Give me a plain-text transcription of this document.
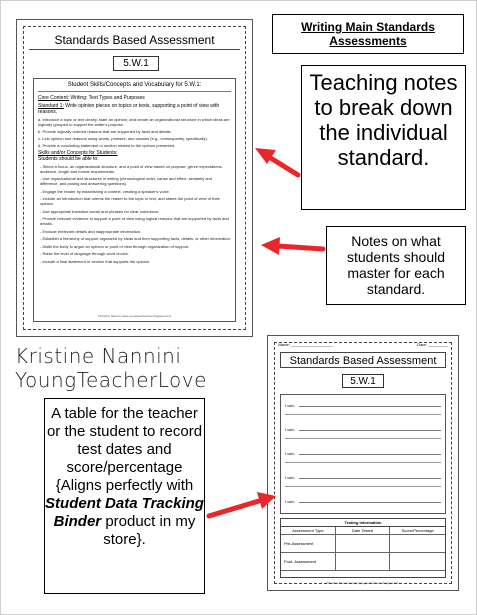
Standards Based Assessment
5.W.1
Student Skills/Concepts and Vocabulary for 5.W.1:
Core Content: Writing: Text Types and Purposes
Standard 1: Write opinion pieces on topics or texts, supporting a point of view with reasons.
a. Introduce a topic or text clearly, state an opinion, and create an organizational structure in which ideas are logically grouped to support the writer's purpose.
b. Provide logically ordered reasons that are supported by facts and details.
c. Link opinion and reasons using words, phrases, and clauses (e.g., consequently, specifically).
d. Provide a concluding statement or section related to the opinion presented.
Skills and/or Concepts for Students:
Students should be able to:
- Select a focus, an organizational structure, and a point of view based on purpose, genre expectations, audience, length and format requirements.
- Use organizational text structures in writing (chronological order, cause and effect, similarity and difference, and posing and answering questions).
- Engage the reader by establishing a context, creating a speaker's voice.
- Include an introduction that orients the reader to the topic or text, and states the point of view of their opinion.
- Use appropriate transition words and phrases for clear coherence.
- Provide relevant evidence to support a point of view using logical reasons that are supported by facts and details.
- Exclude irrelevant details and inappropriate information.
- Establish a hierarchy of support organized by ideas and then supporting facts, details, or other information.
- Distill the body to argue an opinion or point of view through organization of support.
- Raise the level of language through word choice.
- Include a final statement or section that supports the opinion.
©Kristine Nannini www.youngteacherlove.blogspot.com
Name: ___________________	Date: _________
Standards Based Assessment
5.W.1
I can:
I can:
I can:
I can:
I can:
Testing Information
Assessment Type	Date Tested	Score/Percentage
Pre-Assessment
Post- Assessment
©Kristine Nannini www.youngteacherlove.blogspot.com
Writing Main Standards Assessments
Teaching notes to break down the individual standard.
Notes on what students should master for each standard.
A table for the teacher or the student to record test dates and score/percentage {Aligns perfectly with Student Data Tracking Binder product in my store}.
Kristine Nannini
YoungTeacherLove
